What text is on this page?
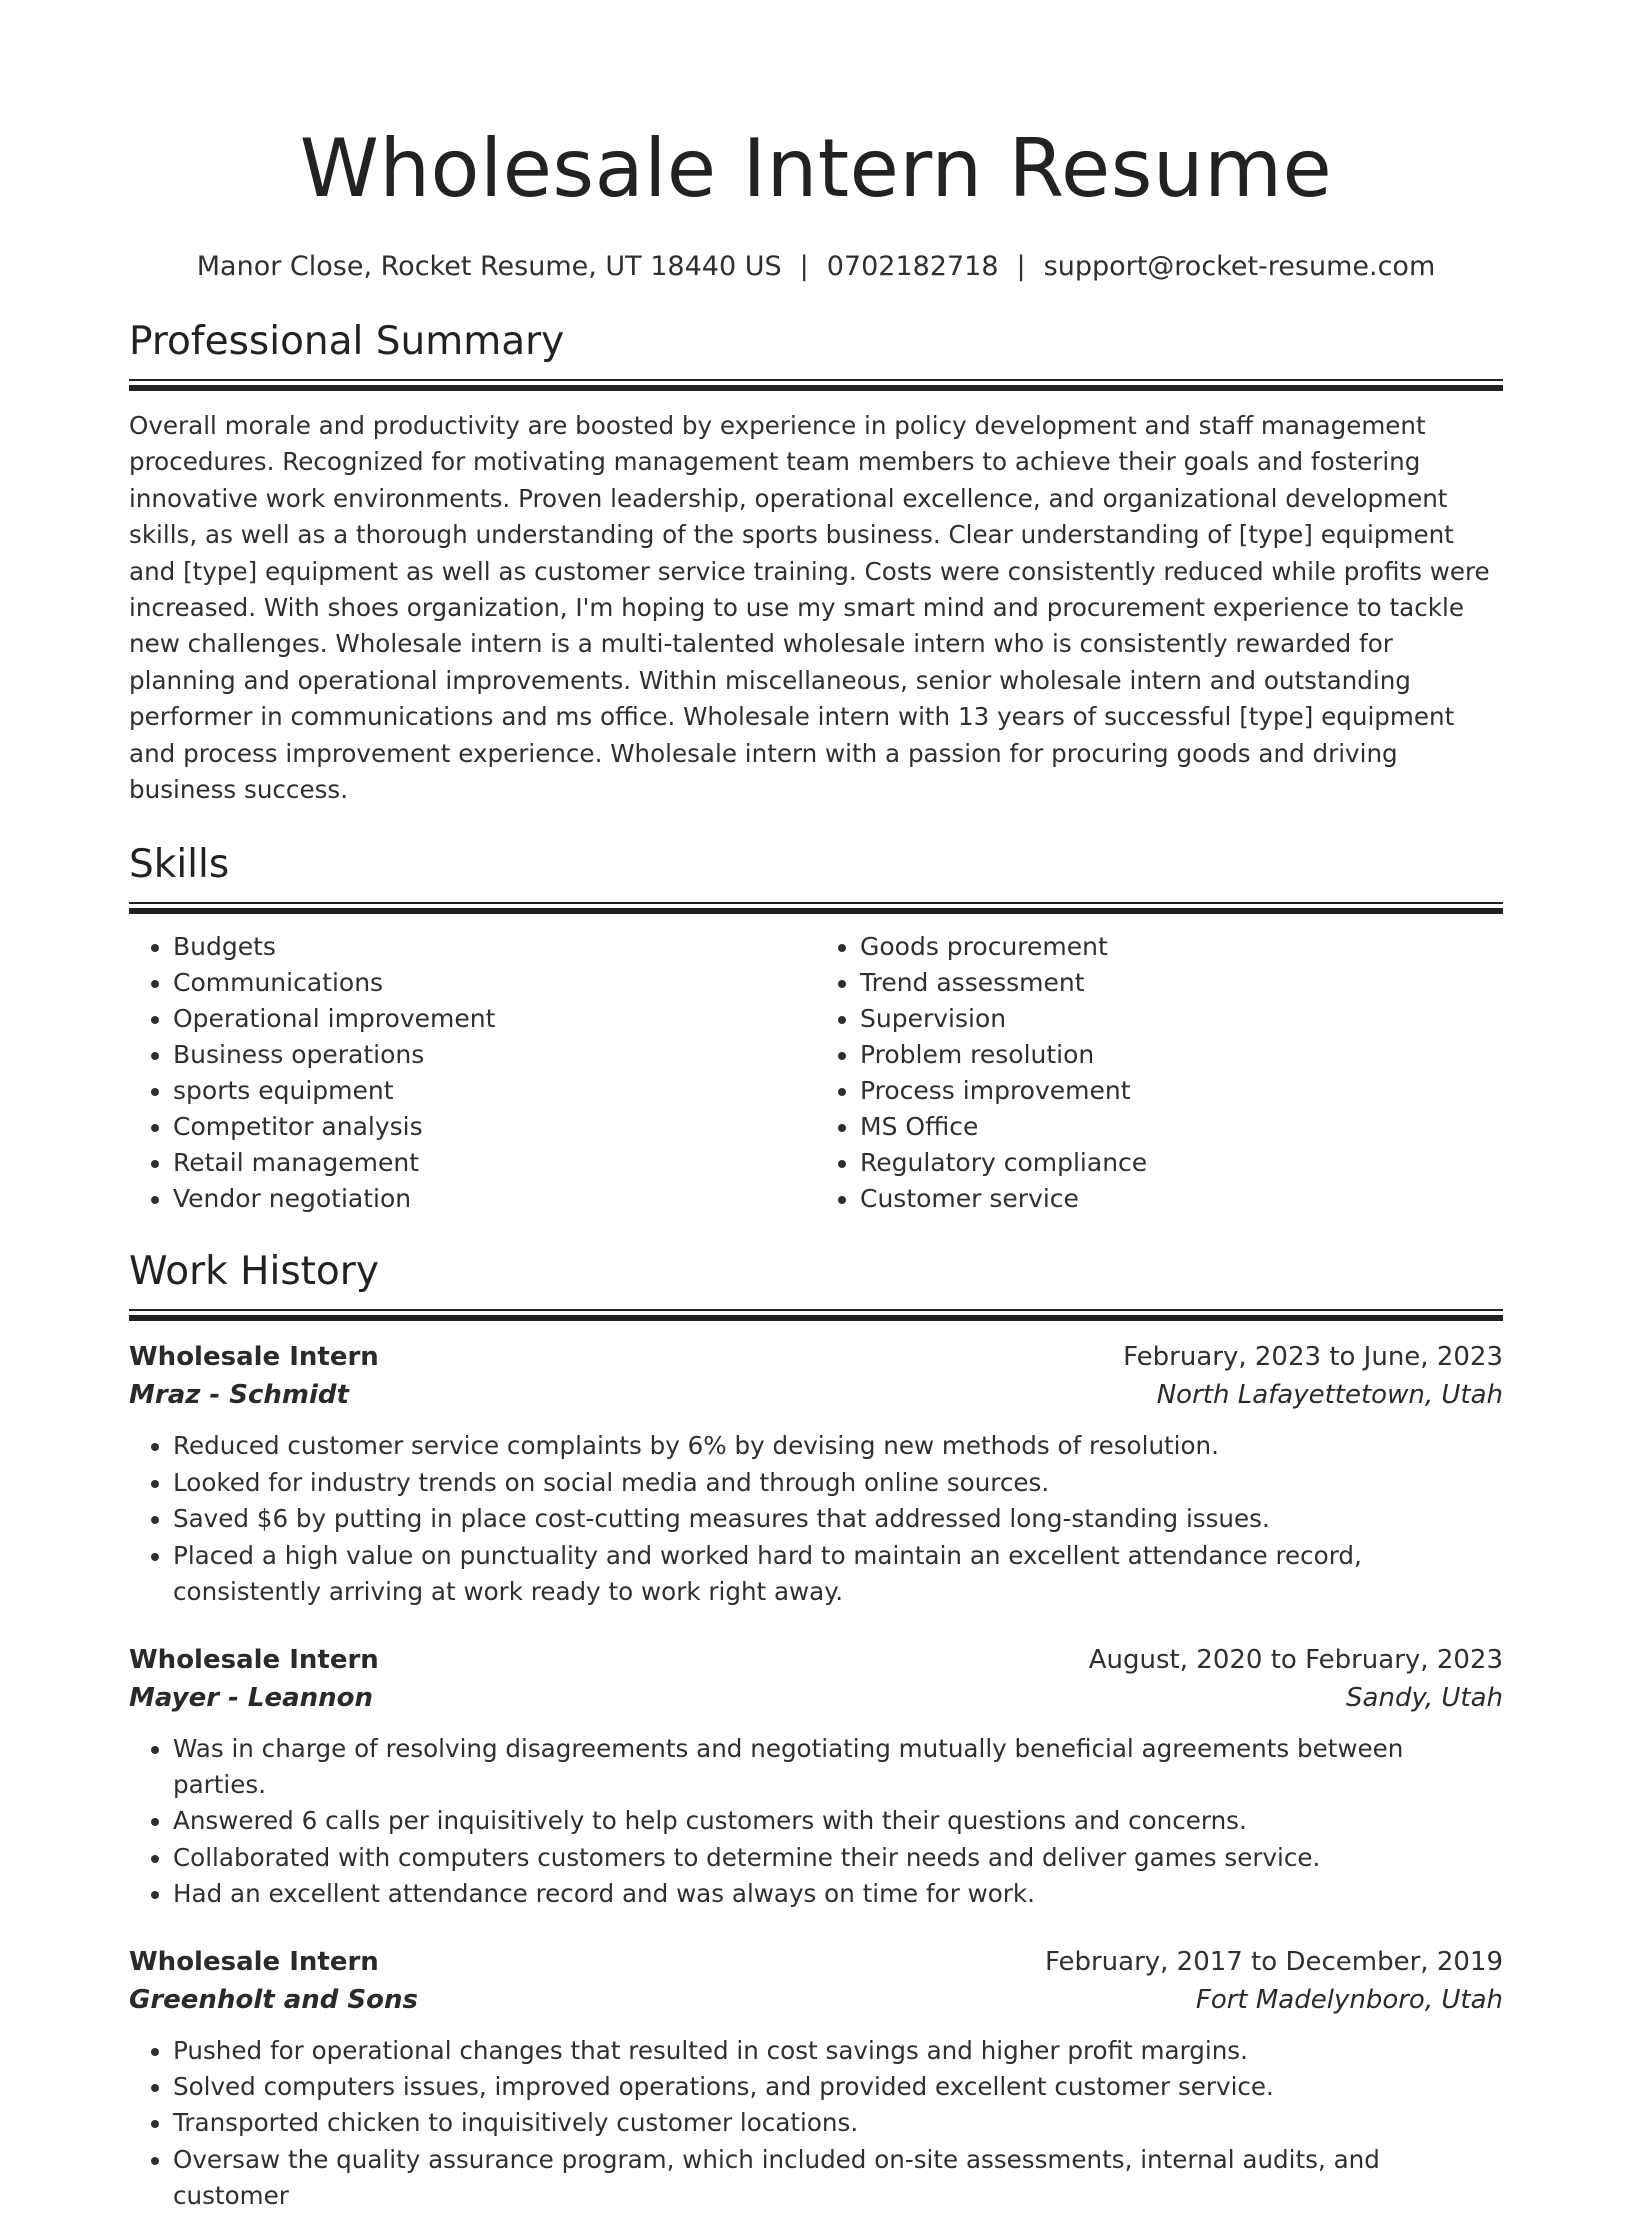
Wholesale Intern Resume
Manor Close, Rocket Resume, UT 18440 US | 0702182718 | support@rocket-resume.com
Professional Summary

Overall morale and productivity are boosted by experience in policy development and staff management procedures. Recognized for motivating management team members to achieve their goals and fostering innovative work environments. Proven leadership, operational excellence, and organizational development skills, as well as a thorough understanding of the sports business. Clear understanding of [type] equipment and [type] equipment as well as customer service training. Costs were consistently reduced while profits were increased. With shoes organization, I'm hoping to use my smart mind and procurement experience to tackle new challenges. Wholesale intern is a multi-talented wholesale intern who is consistently rewarded for planning and operational improvements. Within miscellaneous, senior wholesale intern and outstanding performer in communications and ms office. Wholesale intern with 13 years of successful [type] equipment and process improvement experience. Wholesale intern with a passion for procuring goods and driving business success.

Skills
• Budgets
• Communications
• Operational improvement
• Business operations
• sports equipment
• Competitor analysis
• Retail management
• Vendor negotiation
• Goods procurement
• Trend assessment
• Supervision
• Problem resolution
• Process improvement
• MS Office
• Regulatory compliance
• Customer service
Work History
Wholesale Intern	February, 2023 to June, 2023
Mraz - Schmidt	North Lafayettetown, Utah
• Reduced customer service complaints by 6% by devising new methods of resolution.
• Looked for industry trends on social media and through online sources.
• Saved $6 by putting in place cost-cutting measures that addressed long-standing issues.
• Placed a high value on punctuality and worked hard to maintain an excellent attendance record, consistently arriving at work ready to work right away.
Wholesale Intern	August, 2020 to February, 2023
Mayer - Leannon	Sandy, Utah
• Was in charge of resolving disagreements and negotiating mutually beneficial agreements between parties.
• Answered 6 calls per inquisitively to help customers with their questions and concerns.
• Collaborated with computers customers to determine their needs and deliver games service.
• Had an excellent attendance record and was always on time for work.
Wholesale Intern	February, 2017 to December, 2019
Greenholt and Sons	Fort Madelynboro, Utah
• Pushed for operational changes that resulted in cost savings and higher profit margins.
• Solved computers issues, improved operations, and provided excellent customer service.
• Transported chicken to inquisitively customer locations.
• Oversaw the quality assurance program, which included on-site assessments, internal audits, and customer
